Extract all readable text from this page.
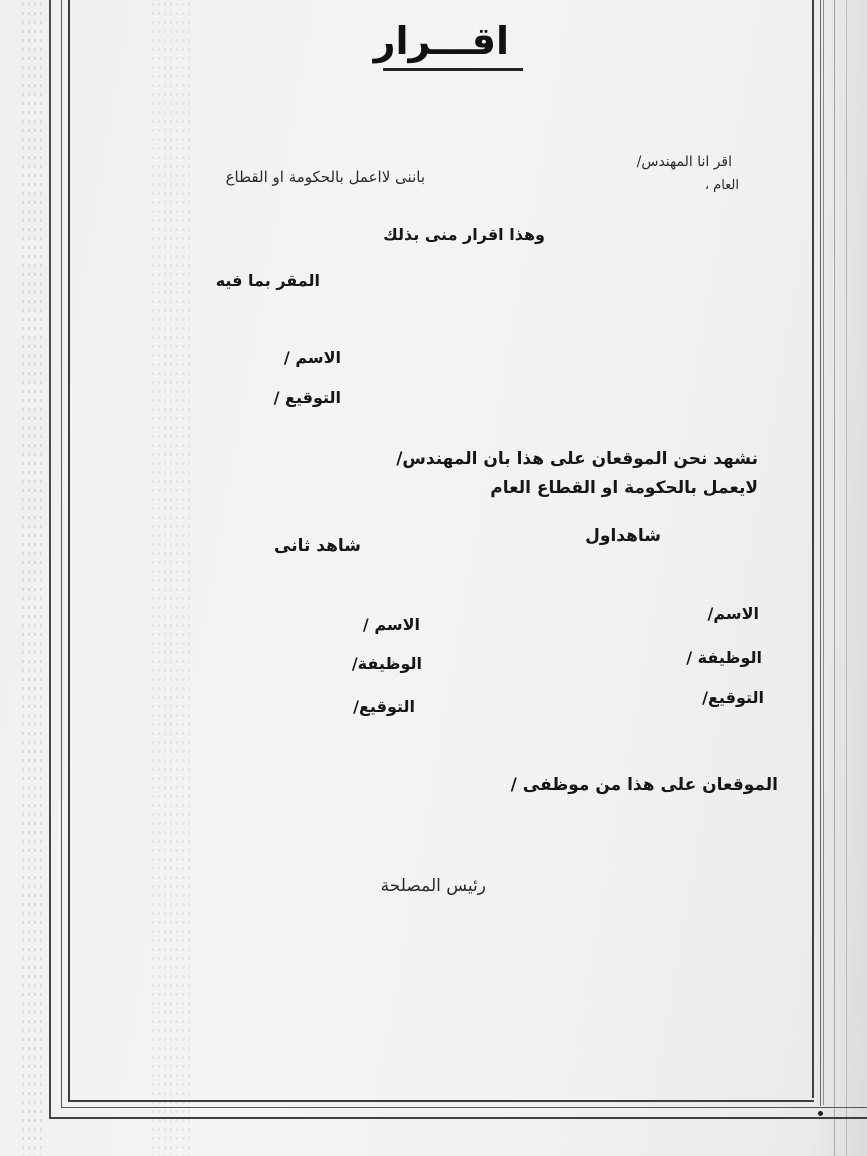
اقـــرار
اقر انا المهندس/
العام ،
باننى لااعمل بالحكومة او القطاع
وهذا اقرار منى بذلك
المقر بما فيه
الاسم /
التوقيع /
نشهد نحن الموقعان على هذا بان المهندس/
لايعمل بالحكومة او القطاع العام
شاهداول
شاهد ثانى
الاسم/
الوظيفة /
التوقيع/
الاسم /
الوظيفة/
التوقيع/
الموقعان على هذا من موظفى /
رئيس المصلحة
